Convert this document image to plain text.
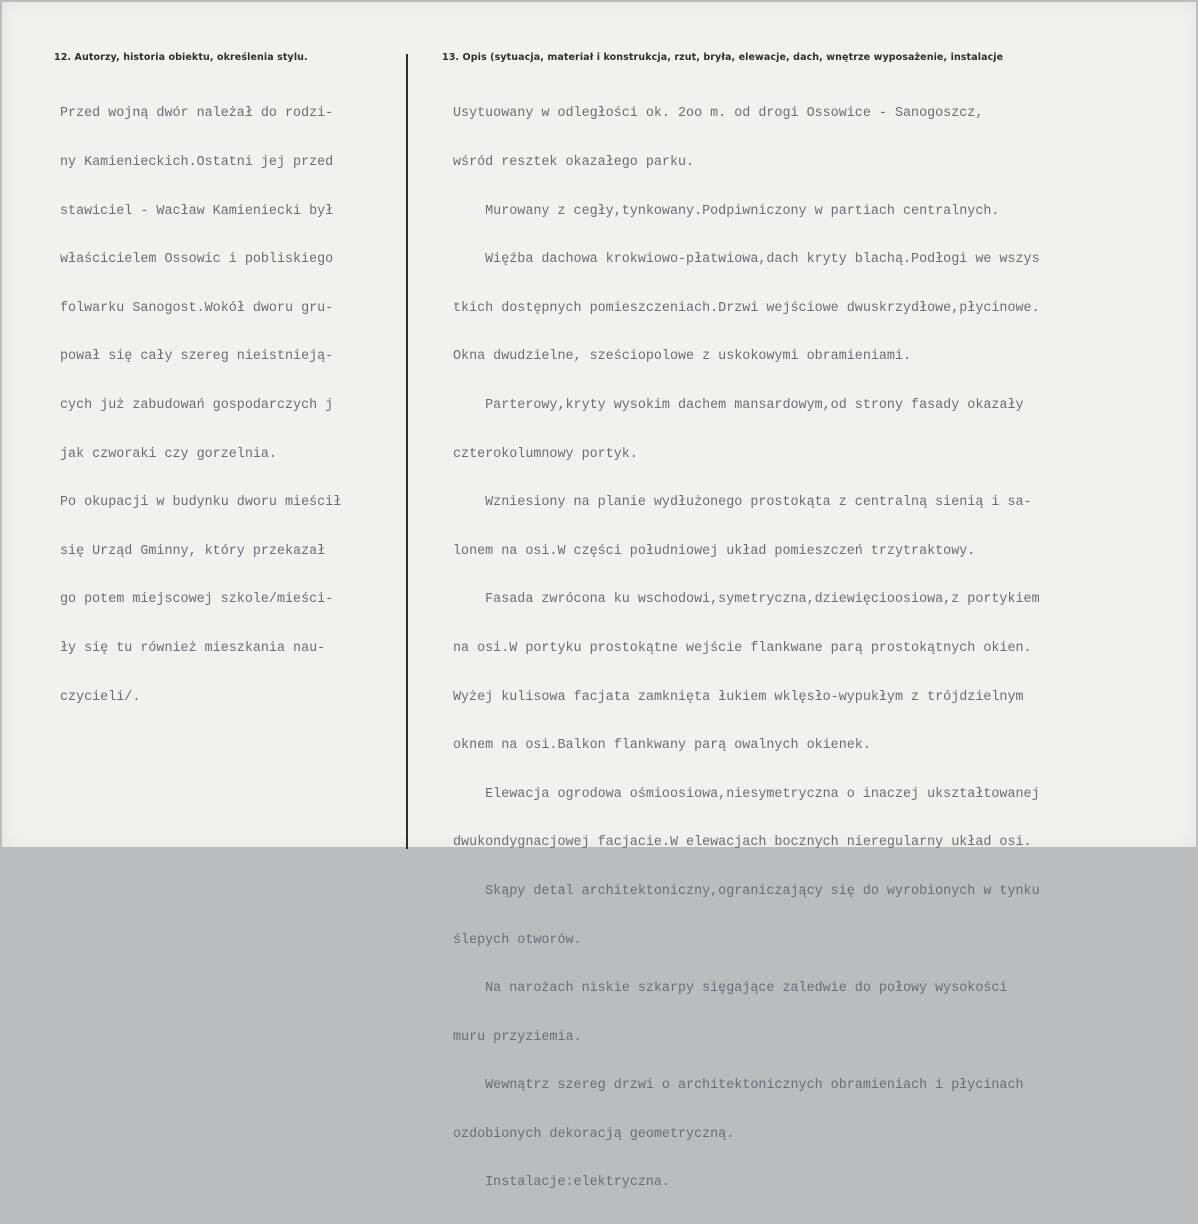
12. Autorzy, historia obiektu, określenia stylu.	13. Opis (sytuacja, materiał i konstrukcja, rzut, bryła, elewacje, dach, wnętrze wyposażenie, instalacje

Przed wojną dwór należał do rodzi-

ny Kamienieckich.Ostatni jej przed

stawiciel - Wacław Kamieniecki był

właścicielem Ossowic i pobliskiego

folwarku Sanogost.Wokół dworu gru-

pował się cały szereg nieistnieją-

cych już zabudowań gospodarczych j

jak czworaki czy gorzelnia.

Po okupacji w budynku dworu mieścił

się Urząd Gminny, który przekazał

go potem miejscowej szkole/mieści-

ły się tu również mieszkania nau-

czycieli/.

Usytuowany w odległości ok. 2oo m. od drogi Ossowice - Sanogoszcz,

wśród resztek okazałego parku.

Murowany z cegły,tynkowany.Podpiwniczony w partiach centralnych.

Więźba dachowa krokwiowo-płatwiowa,dach kryty blachą.Podłogi we wszys

tkich dostępnych pomieszczeniach.Drzwi wejściowe dwuskrzydłowe,płycinowe.

Okna dwudzielne, sześciopolowe z uskokowymi obramieniami.

Parterowy,kryty wysokim dachem mansardowym,od strony fasady okazały

czterokolumnowy portyk.

Wzniesiony na planie wydłużonego prostokąta z centralną sienią i sa-

lonem na osi.W części południowej układ pomieszczeń trzytraktowy.

Fasada zwrócona ku wschodowi,symetryczna,dziewięcioosiowa,z portykiem

na osi.W portyku prostokątne wejście flankwane parą prostokątnych okien.

Wyżej kulisowa facjata zamknięta łukiem wklęsło-wypukłym z trójdzielnym

oknem na osi.Balkon flankwany parą owalnych okienek.

Elewacja ogrodowa ośmioosiowa,niesymetryczna o inaczej ukształtowanej

dwukondygnacjowej facjacie.W elewacjach bocznych nieregularny układ osi.

Skąpy detal architektoniczny,ograniczający się do wyrobionych w tynku

ślepych otworów.

Na narożach niskie szkarpy sięgające zaledwie do połowy wysokości

muru przyziemia.

Wewnątrz szereg drzwi o architektonicznych obramieniach i płycinach

ozdobionych dekoracją geometryczną.

Instalacje:elektryczna.
